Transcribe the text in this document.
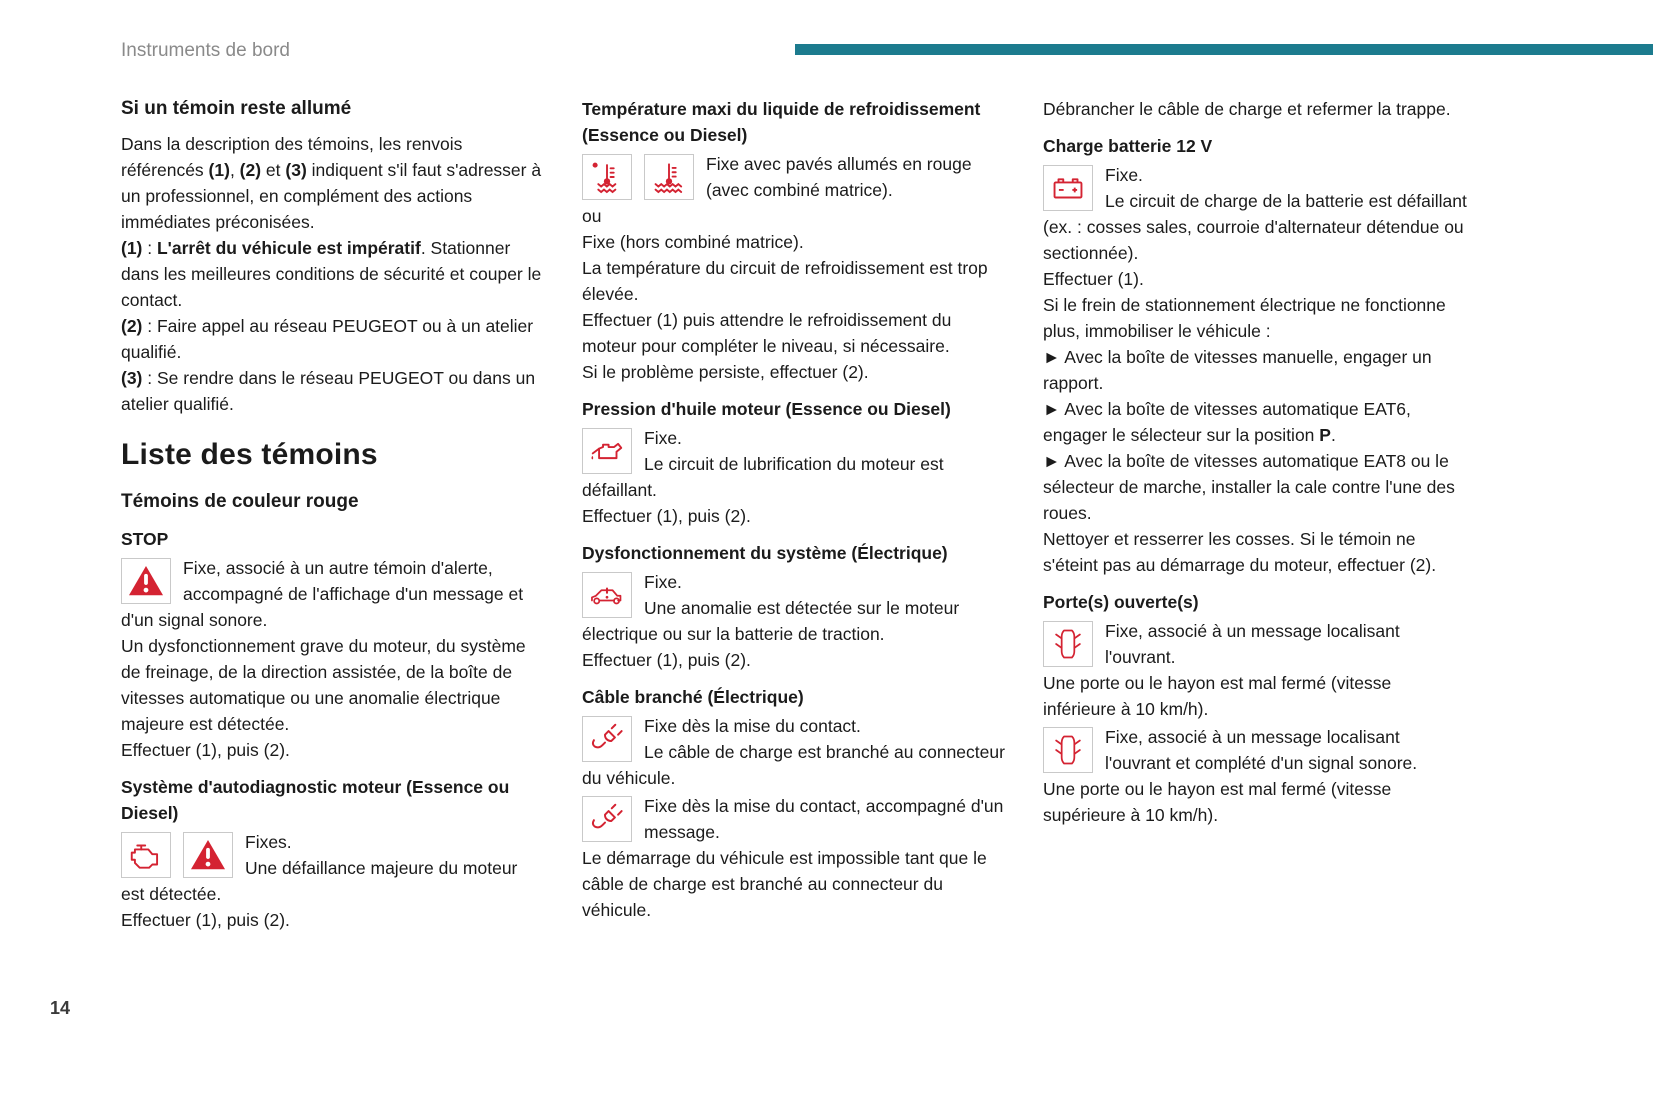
Instruments de bord
14
Si un témoin reste allumé

Dans la description des témoins, les renvois référencés (1), (2) et (3) indiquent s'il faut s'adresser à un professionnel, en complément des actions immédiates préconisées.

(1) : L'arrêt du véhicule est impératif. Stationner dans les meilleures conditions de sécurité et couper le contact.

(2) : Faire appel au réseau PEUGEOT ou à un atelier qualifié.

(3) : Se rendre dans le réseau PEUGEOT ou dans un atelier qualifié.

Liste des témoins
Témoins de couleur rouge
STOP
Fixe, associé à un autre témoin d'alerte, accompagné de l'affichage d'un message et d'un signal sonore.
Un dysfonctionnement grave du moteur, du système de freinage, de la direction assistée, de la boîte de vitesses automatique ou une anomalie électrique majeure est détectée.
Effectuer (1), puis (2).
Système d'autodiagnostic moteur (Essence ou Diesel)
Fixes.
Une défaillance majeure du moteur est détectée.
Effectuer (1), puis (2).
Température maxi du liquide de refroidissement (Essence ou Diesel)
Fixe avec pavés allumés en rouge (avec combiné matrice).
ou
Fixe (hors combiné matrice).
La température du circuit de refroidissement est trop élevée.
Effectuer (1) puis attendre le refroidissement du moteur pour compléter le niveau, si nécessaire.
Si le problème persiste, effectuer (2).
Pression d'huile moteur (Essence ou Diesel)
Fixe.
Le circuit de lubrification du moteur est défaillant.
Effectuer (1), puis (2).
Dysfonctionnement du système (Électrique)
Fixe.
Une anomalie est détectée sur le moteur électrique ou sur la batterie de traction.
Effectuer (1), puis (2).
Câble branché (Électrique)
Fixe dès la mise du contact.
Le câble de charge est branché au connecteur du véhicule.
Fixe dès la mise du contact, accompagné d'un message.
Le démarrage du véhicule est impossible tant que le câble de charge est branché au connecteur du véhicule.

Débrancher le câble de charge et refermer la trappe.

Charge batterie 12 V
Fixe.
Le circuit de charge de la batterie est défaillant (ex. : cosses sales, courroie d'alternateur détendue ou sectionnée).
Effectuer (1).
Si le frein de stationnement électrique ne fonctionne plus, immobiliser le véhicule :
► Avec la boîte de vitesses manuelle, engager un rapport.
► Avec la boîte de vitesses automatique EAT6, engager le sélecteur sur la position P.
► Avec la boîte de vitesses automatique EAT8 ou le sélecteur de marche, installer la cale contre l'une des roues.
Nettoyer et resserrer les cosses. Si le témoin ne s'éteint pas au démarrage du moteur, effectuer (2).
Porte(s) ouverte(s)
Fixe, associé à un message localisant l'ouvrant.
Une porte ou le hayon est mal fermé (vitesse inférieure à 10 km/h).
Fixe, associé à un message localisant l'ouvrant et complété d'un signal sonore.
Une porte ou le hayon est mal fermé (vitesse supérieure à 10 km/h).
